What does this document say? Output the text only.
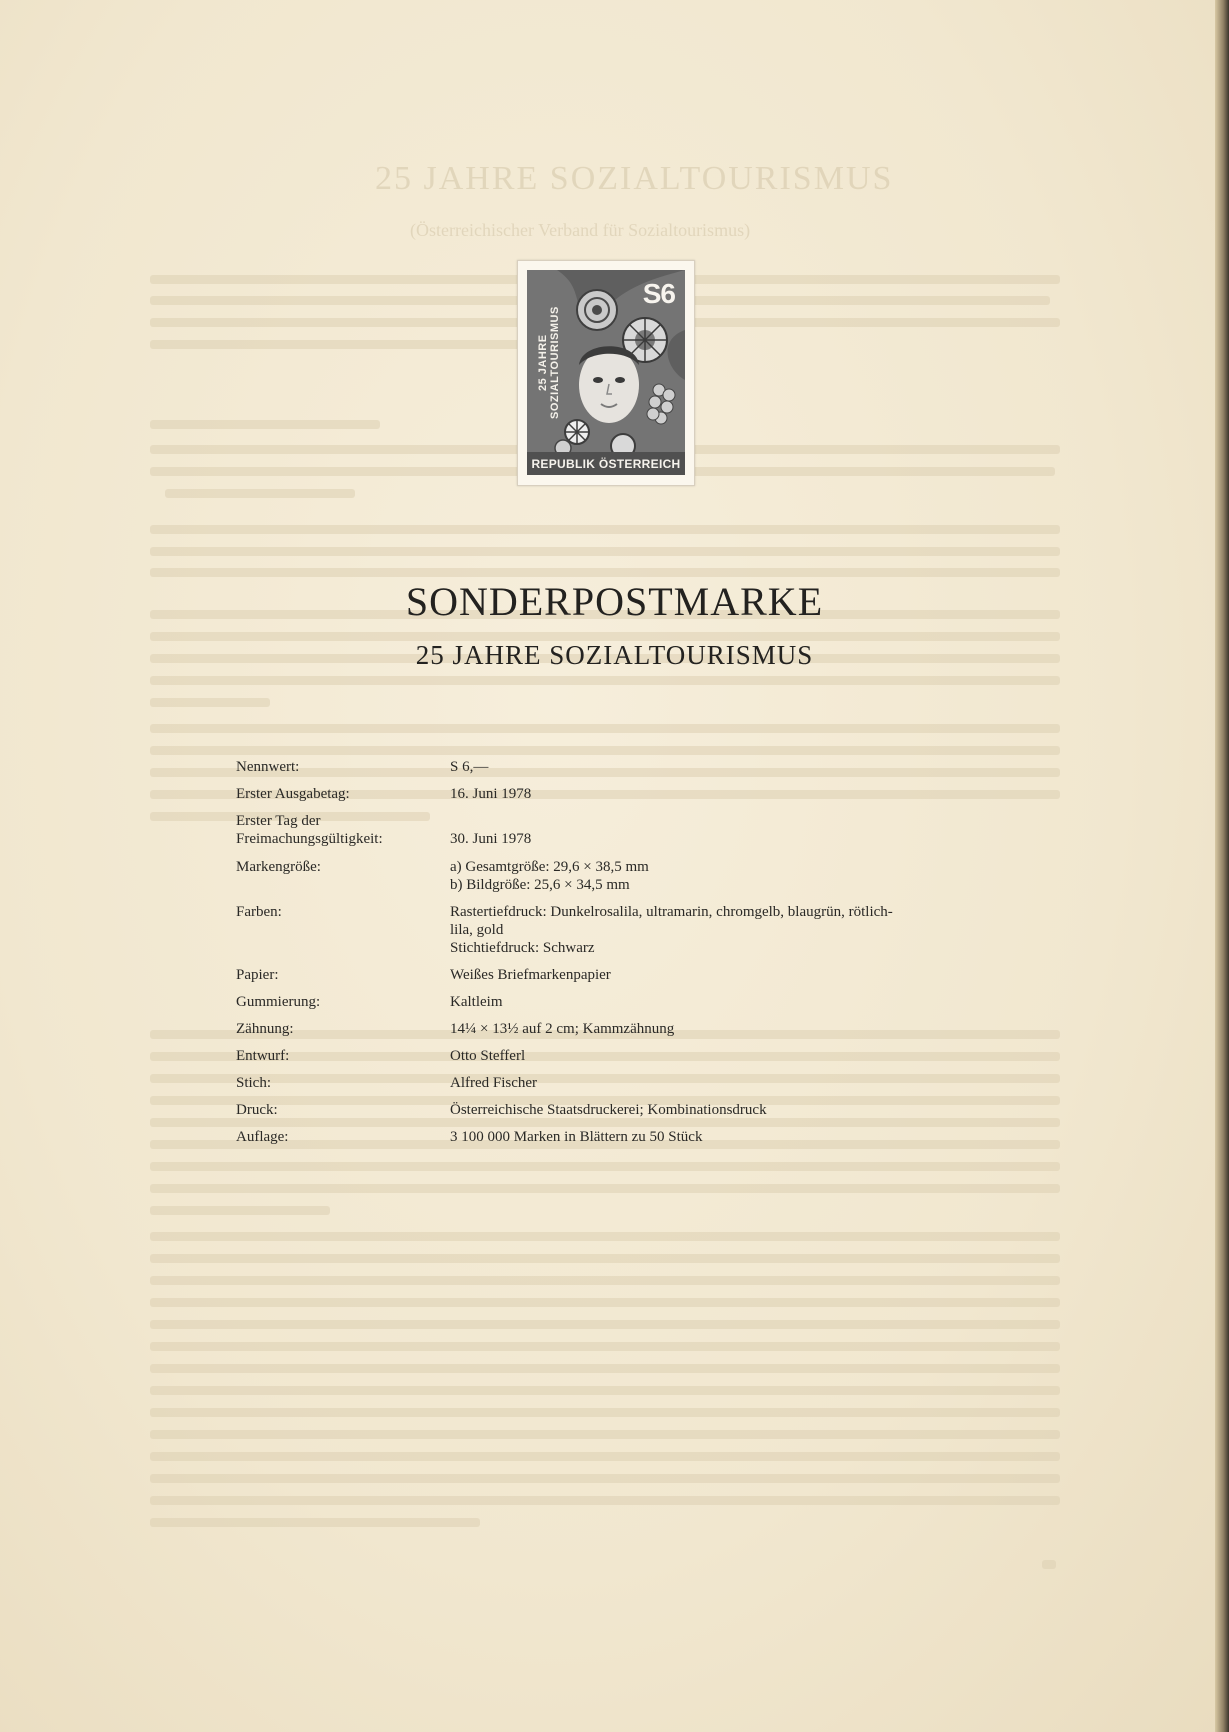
25 JAHRE SOZIALTOURISMUS
(Österreichischer Verband für Sozialtourismus)
25 JAHRE SOZIALTOURISMUS
S6
REPUBLIK ÖSTERREICH
SONDERPOSTMARKE
25 JAHRE SOZIALTOURISMUS
Nennwert:	S 6,—
Erster Ausgabetag:	16. Juni 1978
Erster Tag der
Freimachungsgültigkeit:	30. Juni 1978
Markengröße:	a) Gesamtgröße: 29,6 × 38,5 mm
b) Bildgröße: 25,6 × 34,5 mm
Farben:	Rastertiefdruck: Dunkelrosalila, ultramarin, chromgelb, blaugrün, rötlich-
lila, gold
Stichtiefdruck: Schwarz
Papier:	Weißes Briefmarkenpapier
Gummierung:	Kaltleim
Zähnung:	14¼ × 13½ auf 2 cm; Kammzähnung
Entwurf:	Otto Stefferl
Stich:	Alfred Fischer
Druck:	Österreichische Staatsdruckerei; Kombinationsdruck
Auflage:	3 100 000 Marken in Blättern zu 50 Stück
